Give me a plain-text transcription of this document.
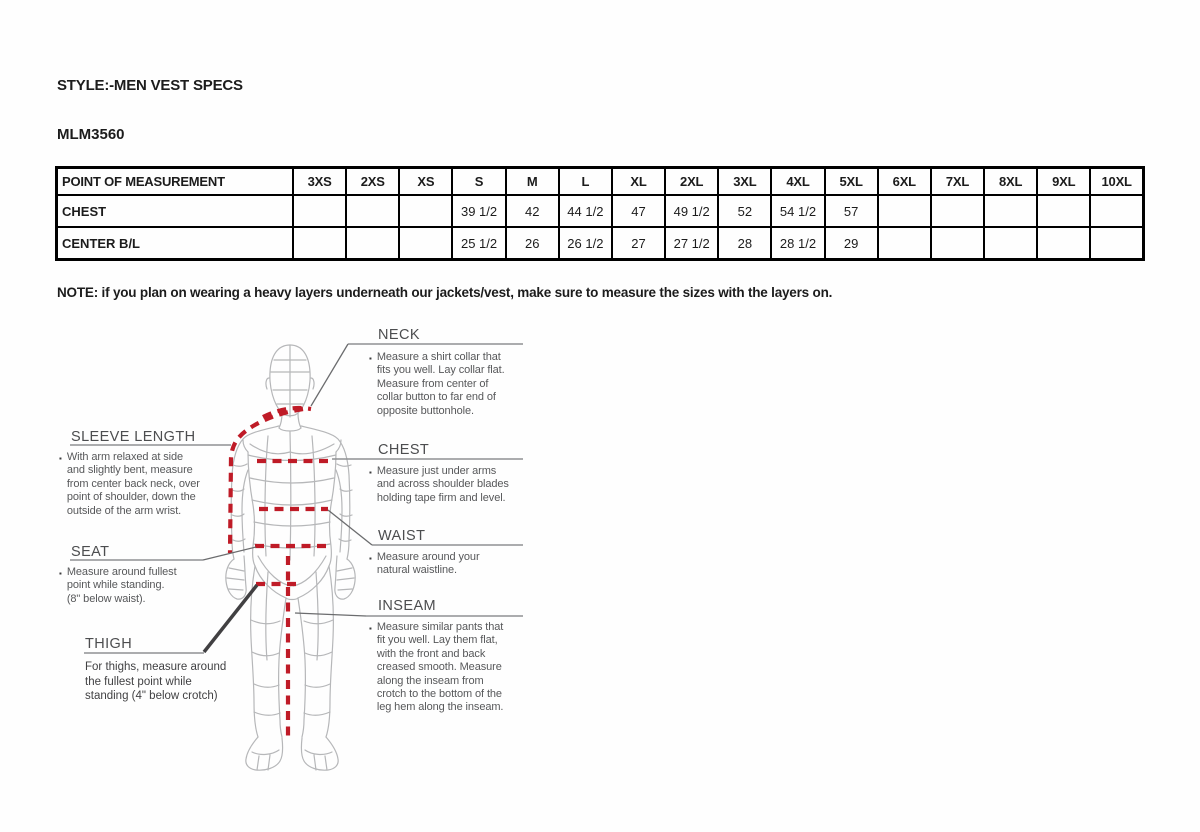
STYLE:-MEN VEST SPECS
MLM3560
POINT OF MEASUREMENT	3XS	2XS	XS	S	M	L	XL	2XL	3XL	4XL	5XL	6XL	7XL	8XL	9XL	10XL
CHEST				39 1/2	42	44 1/2	47	49 1/2	52	54 1/2	57					
CENTER B/L				25 1/2	26	26 1/2	27	27 1/2	28	28 1/2	29					
NOTE: if you plan on wearing a heavy layers underneath our jackets/vest, make sure to measure the sizes with the layers on.
NECK
▪ Measure a shirt collar that
fits you well. Lay collar flat.
Measure from center of
collar button to far end of
opposite buttonhole.
CHEST
▪ Measure just under arms
and across shoulder blades
holding tape firm and level.
WAIST
▪ Measure around your
natural waistline.
INSEAM
▪ Measure similar pants that
fit you well. Lay them flat,
with the front and back
creased smooth. Measure
along the inseam from
crotch to the bottom of the
leg hem along the inseam.
SLEEVE LENGTH
▪ With arm relaxed at side
and slightly bent, measure
from center back neck, over
point of shoulder, down the
outside of the arm wrist.
SEAT
▪ Measure around fullest
point while standing.
(8" below waist).
THIGH
For thighs, measure around
the fullest point while
standing (4" below crotch)
